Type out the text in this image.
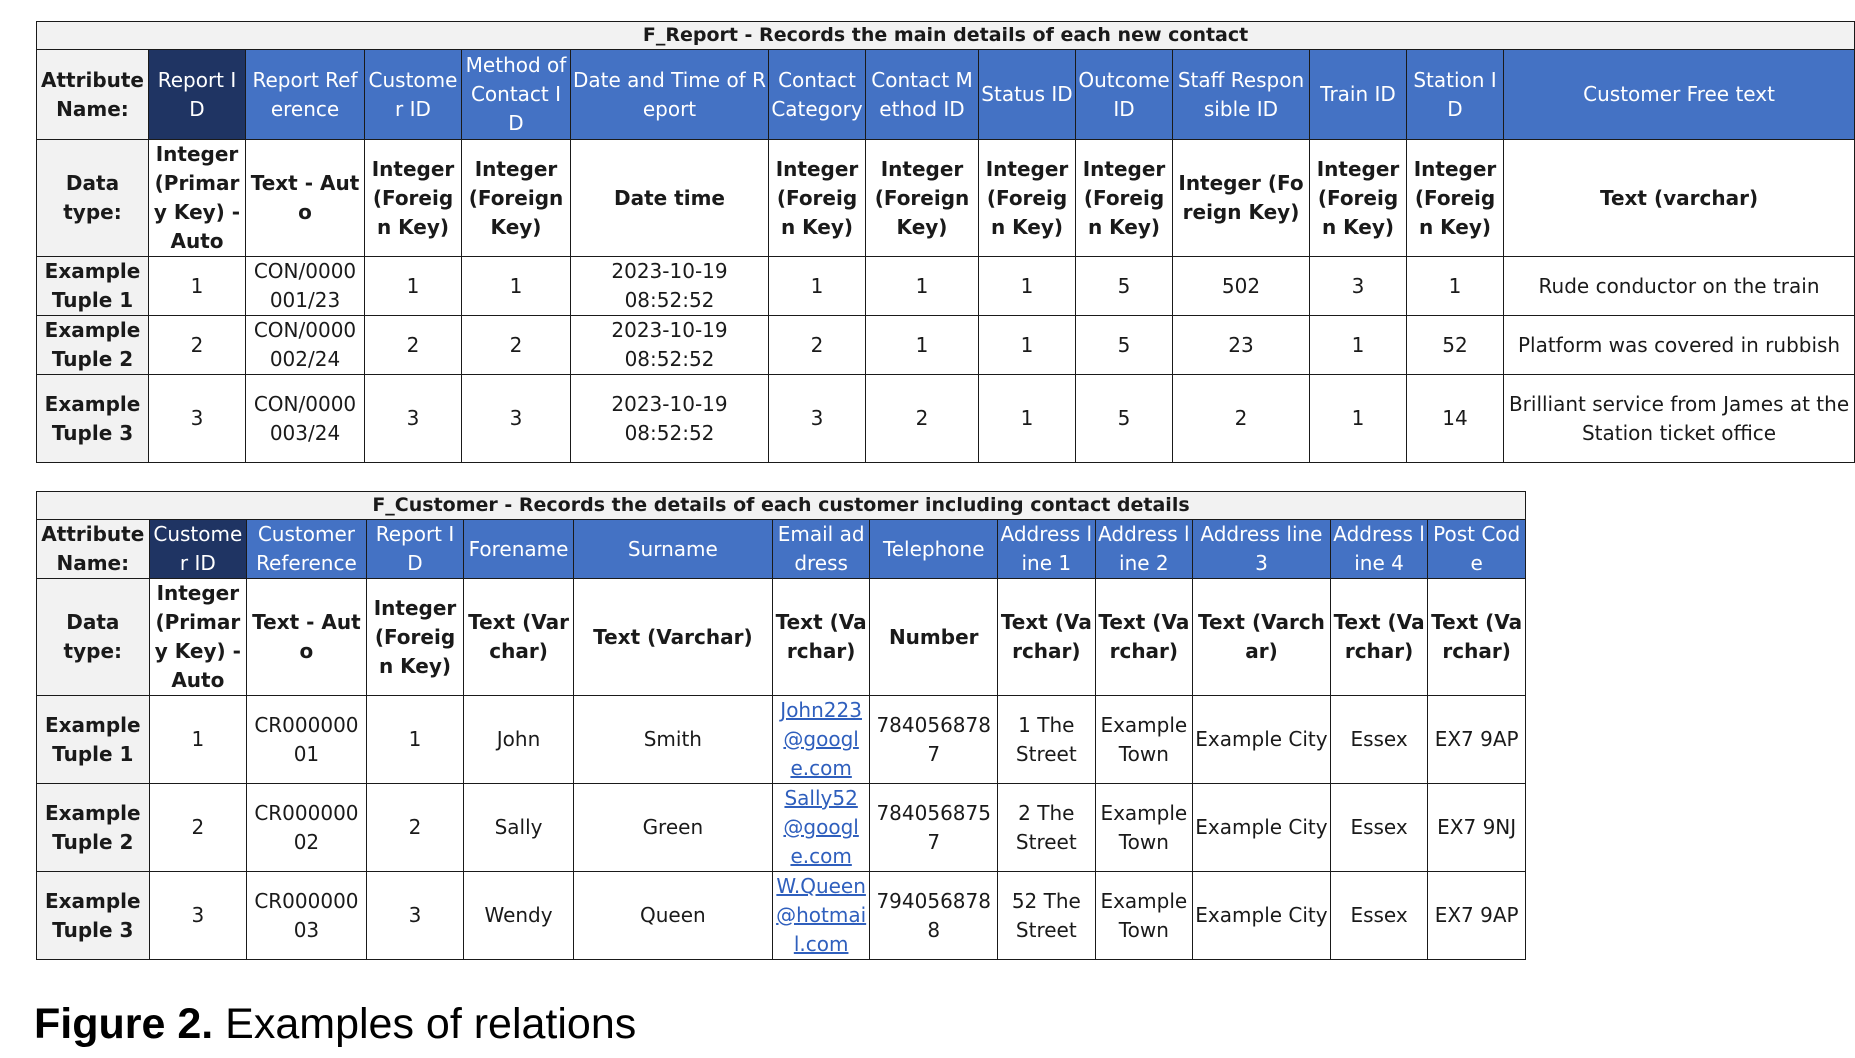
F_Report - Records the main details of each new contact													
Attribute Name:	Report ID	Report Reference	Customer ID	Method of Contact ID	Date and Time of Report	Contact Category	Contact Method ID	Status ID	Outcome ID	Staff Responsible ID	Train ID	Station ID	Customer Free text
Data type:	Integer (Primary Key) - Auto	Text - Auto	Integer (Foreign Key)	Integer (Foreign Key)	Date time	Integer (Foreign Key)	Integer (Foreign Key)	Integer (Foreign Key)	Integer (Foreign Key)	Integer (Foreign Key)	Integer (Foreign Key)	Integer (Foreign Key)	Text (varchar)
Example Tuple 1	1	CON/0000001/23	1	1	2023-10-19 08:52:52	1	1	1	5	502	3	1	Rude conductor on the train
Example Tuple 2	2	CON/0000002/24	2	2	2023-10-19 08:52:52	2	1	1	5	23	1	52	Platform was covered in rubbish
Example Tuple 3	3	CON/0000003/24	3	3	2023-10-19 08:52:52	3	2	1	5	2	1	14	Brilliant service from James at the Station ticket office
F_Customer - Records the details of each customer including contact details												
Attribute Name:	Customer ID	Customer Reference	Report ID	Forename	Surname	Email address	Telephone	Address line 1	Address line 2	Address line 3	Address line 4	Post Code
Data type:	Integer (Primary Key) - Auto	Text - Auto	Integer (Foreign Key)	Text (Varchar)	Text (Varchar)	Text (Varchar)	Number	Text (Varchar)	Text (Varchar)	Text (Varchar)	Text (Varchar)	Text (Varchar)
Example Tuple 1	1	CR00000001	1	John	Smith	John223@google.com	7840568787	1 The Street	Example Town	Example City	Essex	EX7 9AP
Example Tuple 2	2	CR00000002	2	Sally	Green	Sally52@google.com	7840568757	2 The Street	Example Town	Example City	Essex	EX7 9NJ
Example Tuple 3	3	CR00000003	3	Wendy	Queen	W.Queen@hotmail.com	7940568788	52 The Street	Example Town	Example City	Essex	EX7 9AP

Figure 2. Examples of relations
